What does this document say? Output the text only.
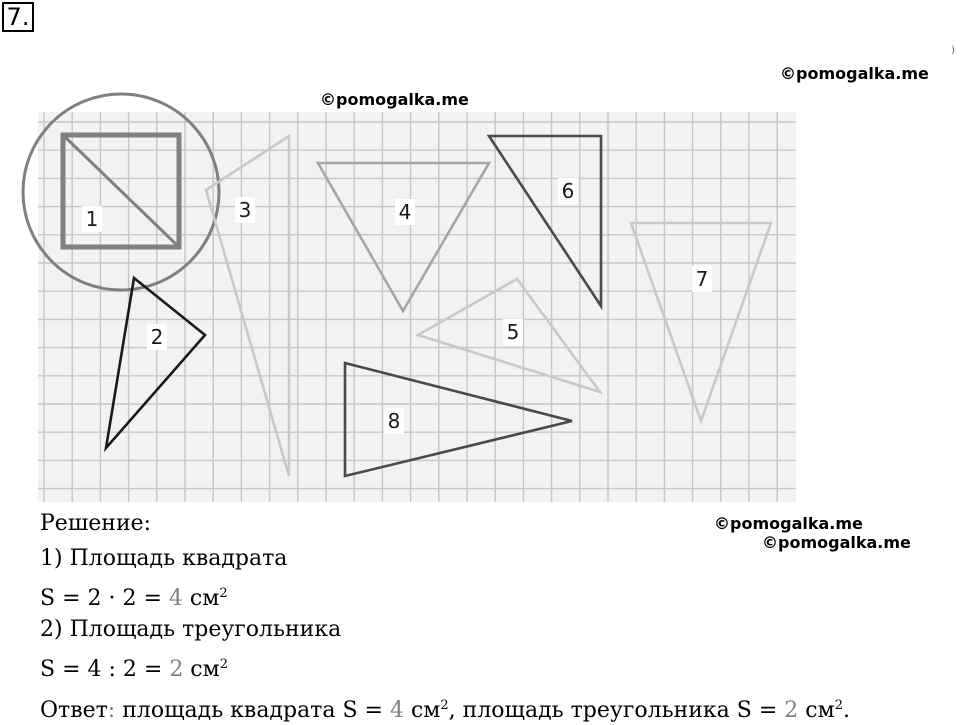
7.
)
1
2
3	4
5
6
7
8
©pomogalka.me
©pomogalka.me
©pomogalka.me
©pomogalka.me
Решение:
1) Площадь квадрата
S = 2 · 2 = 4 $см^2$
2) Площадь треугольника
S = 4 : 2 = 2 $см^2$
Ответ: площадь квадрата S = 4 $см^2$, площадь треугольника S = 2 $см^2$.
